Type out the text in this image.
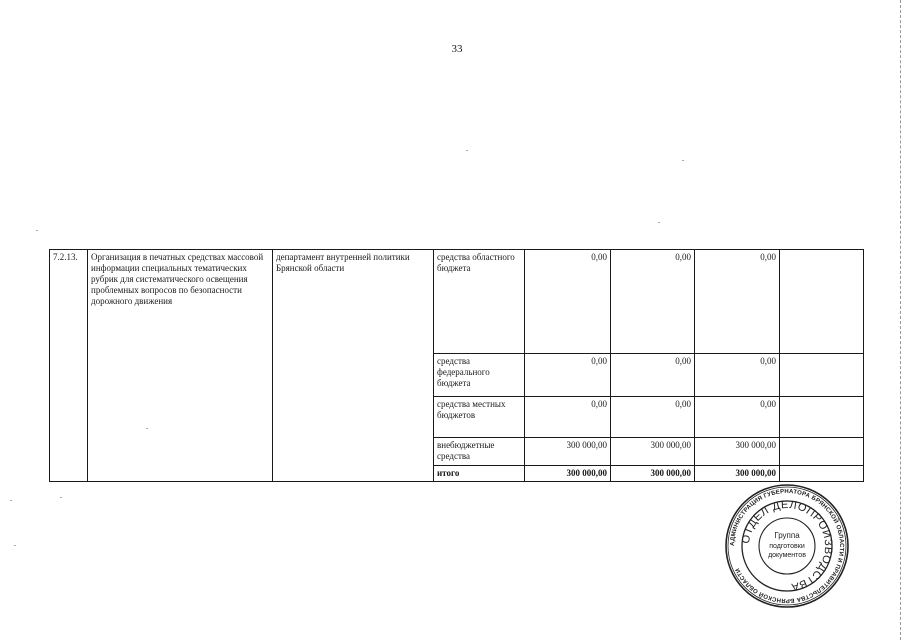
33
7.2.13.	Организация в печатных средствах массовой информации специальных тематических рубрик для систематического освещения проблемных вопросов по безопасности дорожного движения	департамент внутренней политики Брянской области	средства областного бюджета	0,00	0,00	0,00	
			средства федерального бюджета	0,00	0,00	0,00	
			средства местных бюджетов	0,00	0,00	0,00	
			внебюджетные средства	300 000,00	300 000,00	300 000,00	
			итого	300 000,00	300 000,00	300 000,00	
АДМИНИСТРАЦИЯ ГУБЕРНАТОРА БРЯНСКОЙ ОБЛАСТИ И ПРАВИТЕЛЬСТВА БРЯНСКОЙ ОБЛАСТИ
ОТДЕЛ ДЕЛОПРОИЗВОДСТВА
Группа
подготовки
документов
